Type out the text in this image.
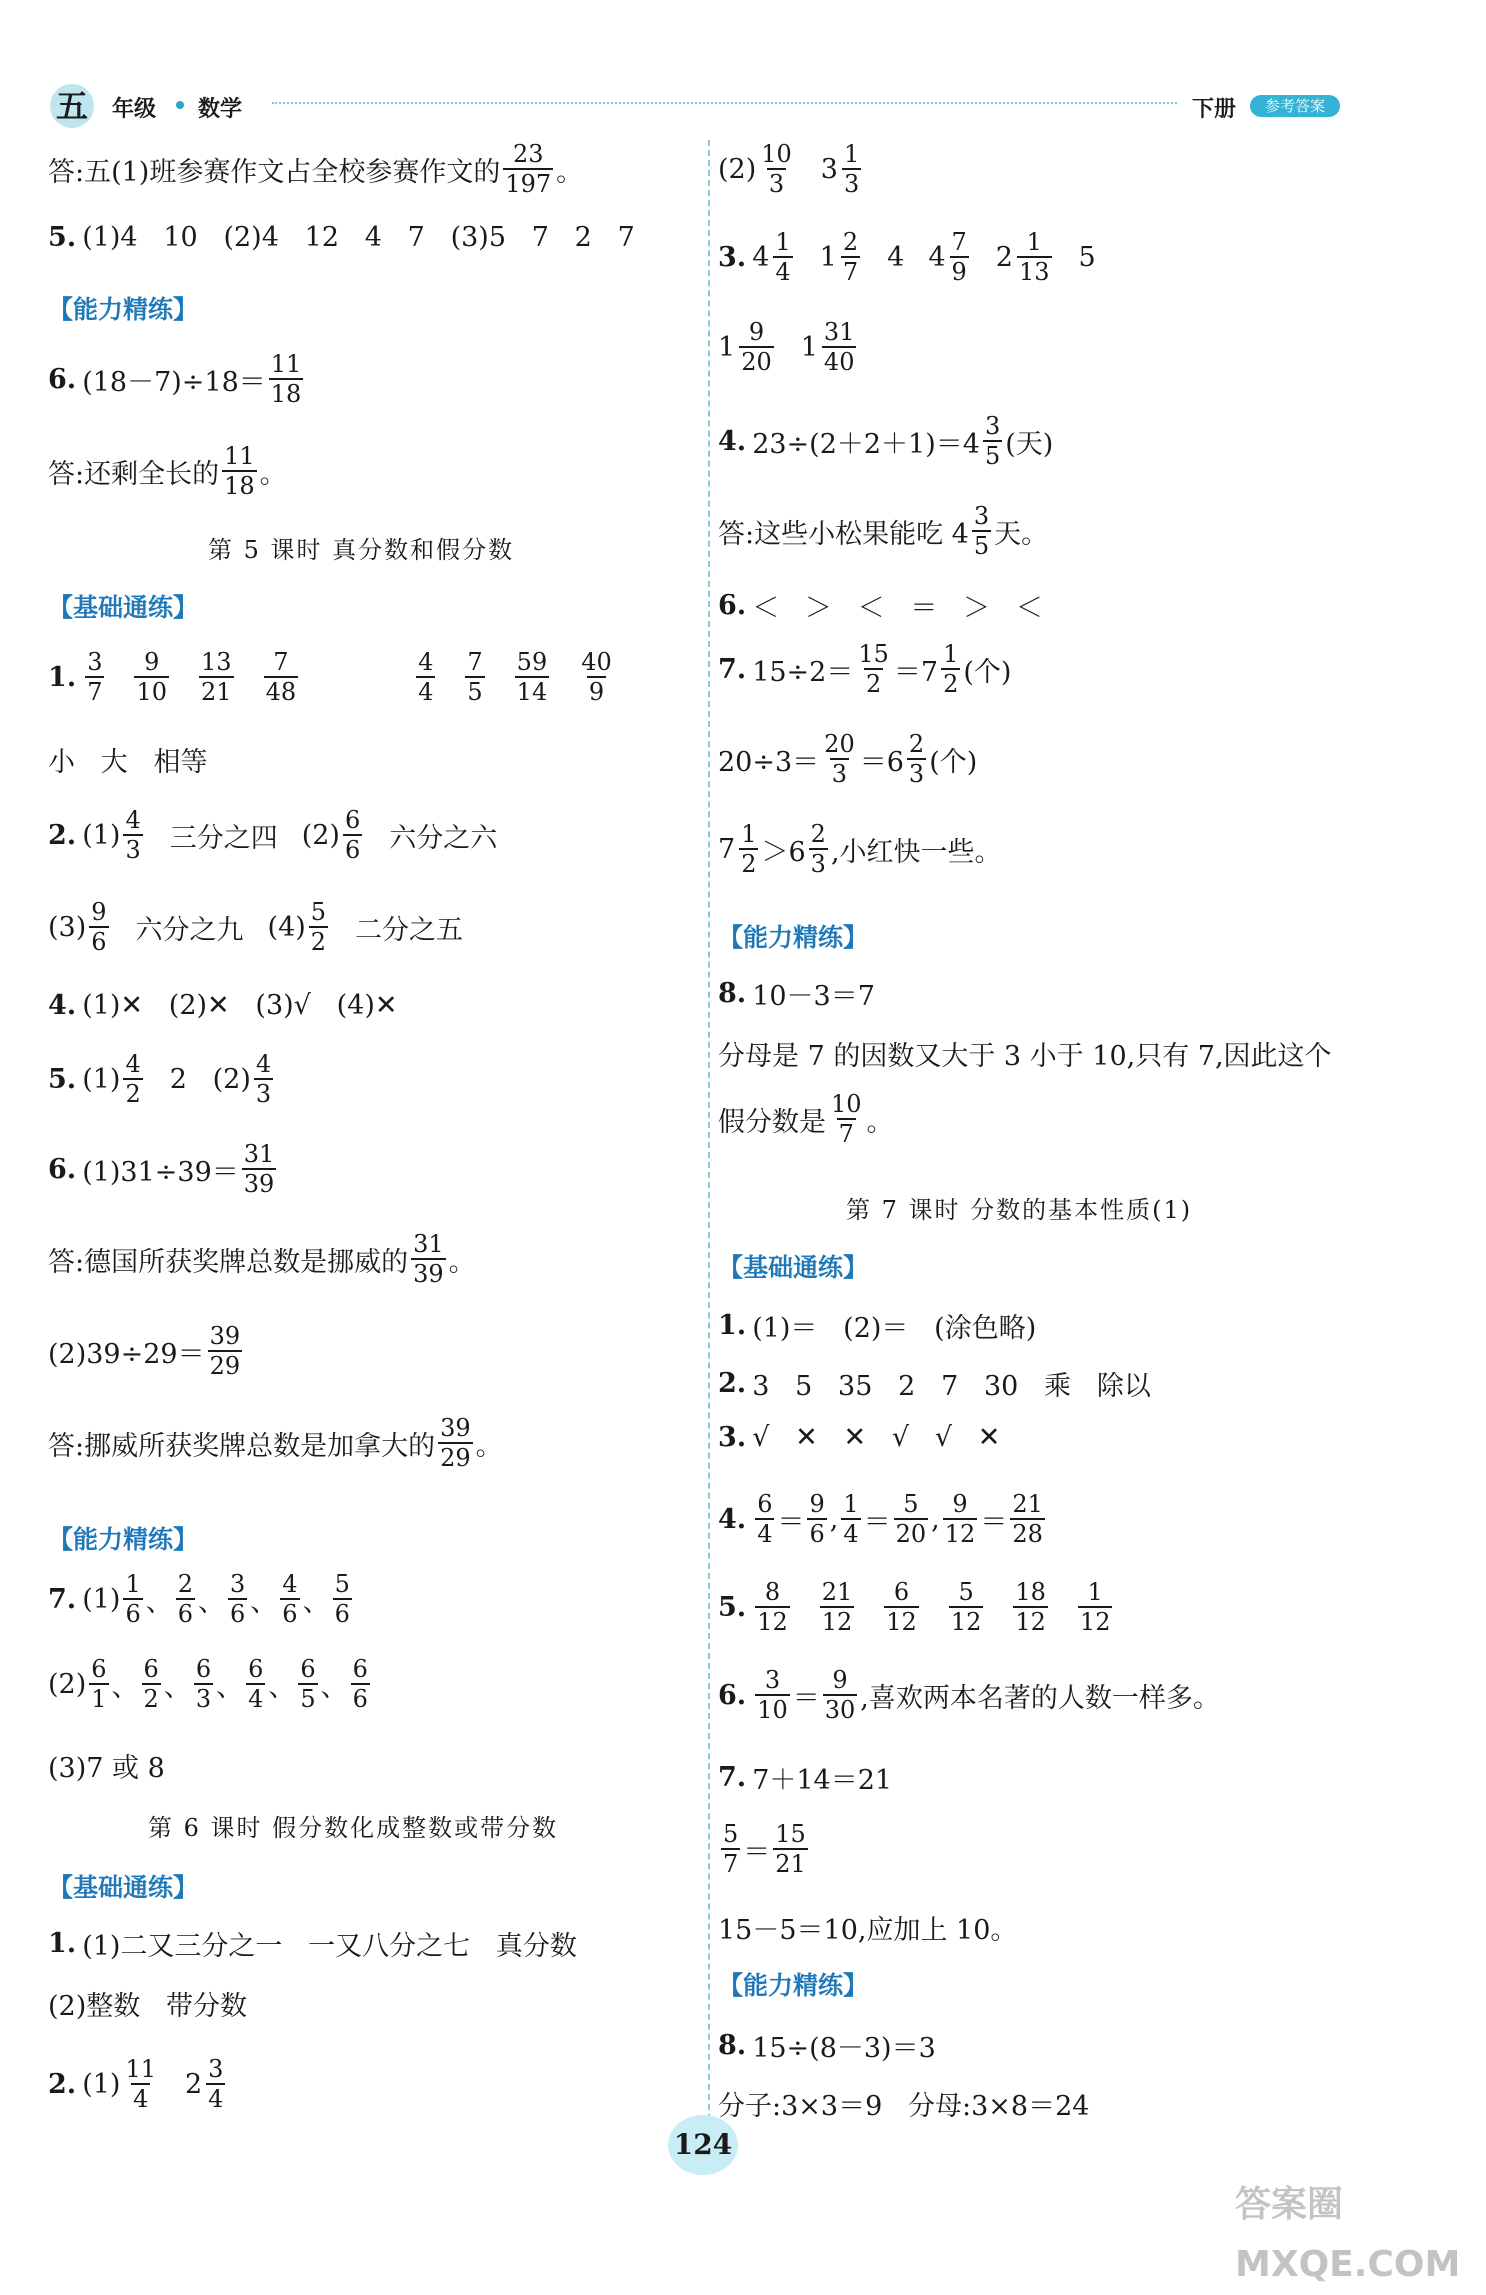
五 年级 数学	下册	参考答案
答:五(1)班参赛作文占全校参赛作文的 $\frac{23}{197}$ 。
5. (1)4   10   (2)4   12   4   7   (3)5   7   2   7
【能力精练】
6. $(18-7)\div 18= \frac{11}{18}$
答:还剩全长的 $\frac{11}{18}$ 。
第 5 课时 真分数和假分数
【基础通练】
1. $\frac{3}{7} \frac{9}{10} \frac{13}{21} \frac{7}{48}$	$\frac{4}{4} \frac{7}{5} \frac{59}{14} \frac{40}{9}$
小   大   相等
2. $(1) \frac{4}{3}$ 三分之四 $(2) \frac{6}{6}$ 六分之六
$(3) \frac{9}{6}$ 六分之九 $(4) \frac{5}{2}$ 二分之五
4. (1)✕   (2)✕   (3)√   (4)✕
5. $(1) \frac{4}{2} 2$   $(2) \frac{4}{3}$
6. $(1)31\div 39= \frac{31}{39}$
答:德国所获奖牌总数是挪威的 $\frac{31}{39}$ 。
$(2)39\div 29= \frac{39}{29}$
答:挪威所获奖牌总数是加拿大的 $\frac{39}{29}$ 。
【能力精练】
7. $(1) \frac{1}{6}$ 、 $\frac{2}{6}$ 、 $\frac{3}{6}$ 、 $\frac{4}{6}$ 、 $\frac{5}{6}$
$(2) \frac{6}{1}$ 、 $\frac{6}{2}$ 、 $\frac{6}{3}$ 、 $\frac{6}{4}$ 、 $\frac{6}{5}$ 、 $\frac{6}{6}$
(3)7 或 8
第 6 课时 假分数化成整数或带分数
【基础通练】
1. (1)二又三分之一   一又八分之七   真分数
(2)整数   带分数
2. $(1) \frac{11}{4} 2 \frac{3}{4}$
$(2) \frac{10}{3} 3 \frac{1}{3}$
3. $4 \frac{1}{4} 1 \frac{2}{7} 4$ $4 \frac{7}{9} 2 \frac{1}{13} 5$
$1 \frac{9}{20} 1 \frac{31}{40}$
4. $23\div(2+2+1)=4 \frac{3}{5}$ (天)
答:这些小松果能吃 $4 \frac{3}{5}$ 天。
6. ＜   ＞   ＜   ＝   ＞   ＜
7. $15\div 2= \frac{15}{2} =7 \frac{1}{2}$ (个)
$20\div 3= \frac{20}{3} =6 \frac{2}{3}$ (个)
$7 \frac{1}{2} >6 \frac{2}{3}$ ,小红快一些。
【能力精练】
8. 10－3＝7
分母是 7 的因数又大于 3 小于 10,只有 7,因此这个
假分数是 $\frac{10}{7}$ 。
第 7 课时 分数的基本性质(1)
【基础通练】
1. (1)＝   (2)＝   (涂色略)
2. 3   5   35   2   7   30   乘   除以
3. √   ✕   ✕   √   √   ✕
4. $\frac{6}{4} = \frac{9}{6}$ , $\frac{1}{4} = \frac{5}{20}$ , $\frac{9}{12} = \frac{21}{28}$
5. $\frac{8}{12} \frac{21}{12} \frac{6}{12} \frac{5}{12} \frac{18}{12} \frac{1}{12}$
6. $\frac{3}{10} = \frac{9}{30}$ ,喜欢两本名著的人数一样多。
7. 7＋14＝21
$\frac{5}{7} = \frac{15}{21}$
15－5＝10,应加上 10。
【能力精练】
8. 15÷(8－3)＝3
分子:3×3＝9   分母:3×8＝24
124
答案圈 MXQE.COM
